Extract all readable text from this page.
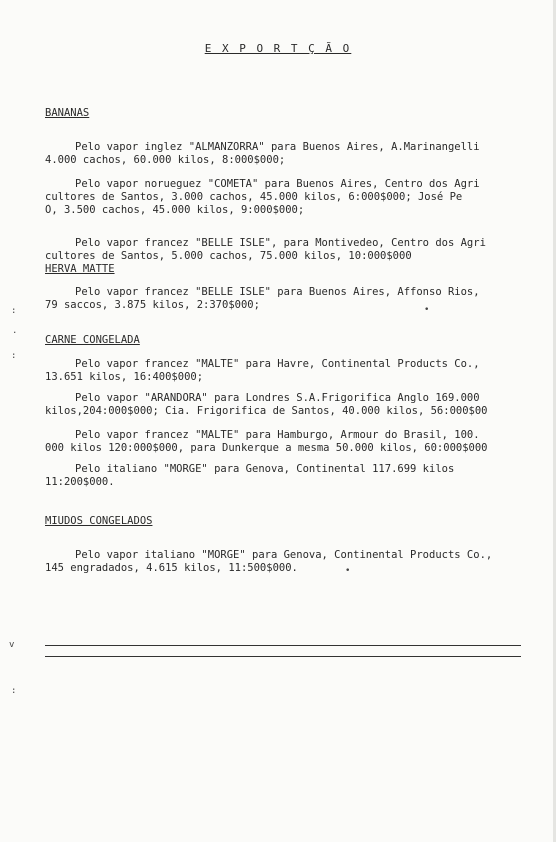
E X P O R T Ç Ã O
BANANAS

Pelo vapor inglez "ALMANZORRA" para Buenos Aires, A.Marinangelli
4.000 cachos, 60.000 kilos, 8:000$000;

Pelo vapor norueguez "COMETA" para Buenos Aires, Centro dos Agri
cultores de Santos, 3.000 cachos, 45.000 kilos, 6:000$000; José Pe
Ò, 3.500 cachos, 45.000 kilos, 9:000$000;

Pelo vapor francez "BELLE ISLE", para Montivedeo, Centro dos Agri
cultores de Santos, 5.000 cachos, 75.000 kilos, 10:000$000

HERVA MATTE

Pelo vapor francez "BELLE ISLE" para Buenos Aires, Affonso Rios,
79 saccos, 3.875 kilos, 2:370$000;

CARNE CONGELADA

Pelo vapor francez "MALTE" para Havre, Continental Products Co.,
13.651 kilos, 16:400$000;

Pelo vapor "ARANDORA" para Londres S.A.Frigorifica Anglo 169.000
kilos,204:000$000; Cia. Frigorifica de Santos, 40.000 kilos, 56:000$00

Pelo vapor francez "MALTE" para Hamburgo, Armour do Brasil, 100.
000 kilos 120:000$000, para Dunkerque a mesma 50.000 kilos, 60:000$000

Pelo italiano "MORGE" para Genova, Continental 117.699 kilos
11:200$000.

MIUDOS CONGELADOS

Pelo vapor italiano "MORGE" para Genova, Continental Products Co.,
145 engradados, 4.615 kilos, 11:500$000.

:
.
:
v
:
•
•
